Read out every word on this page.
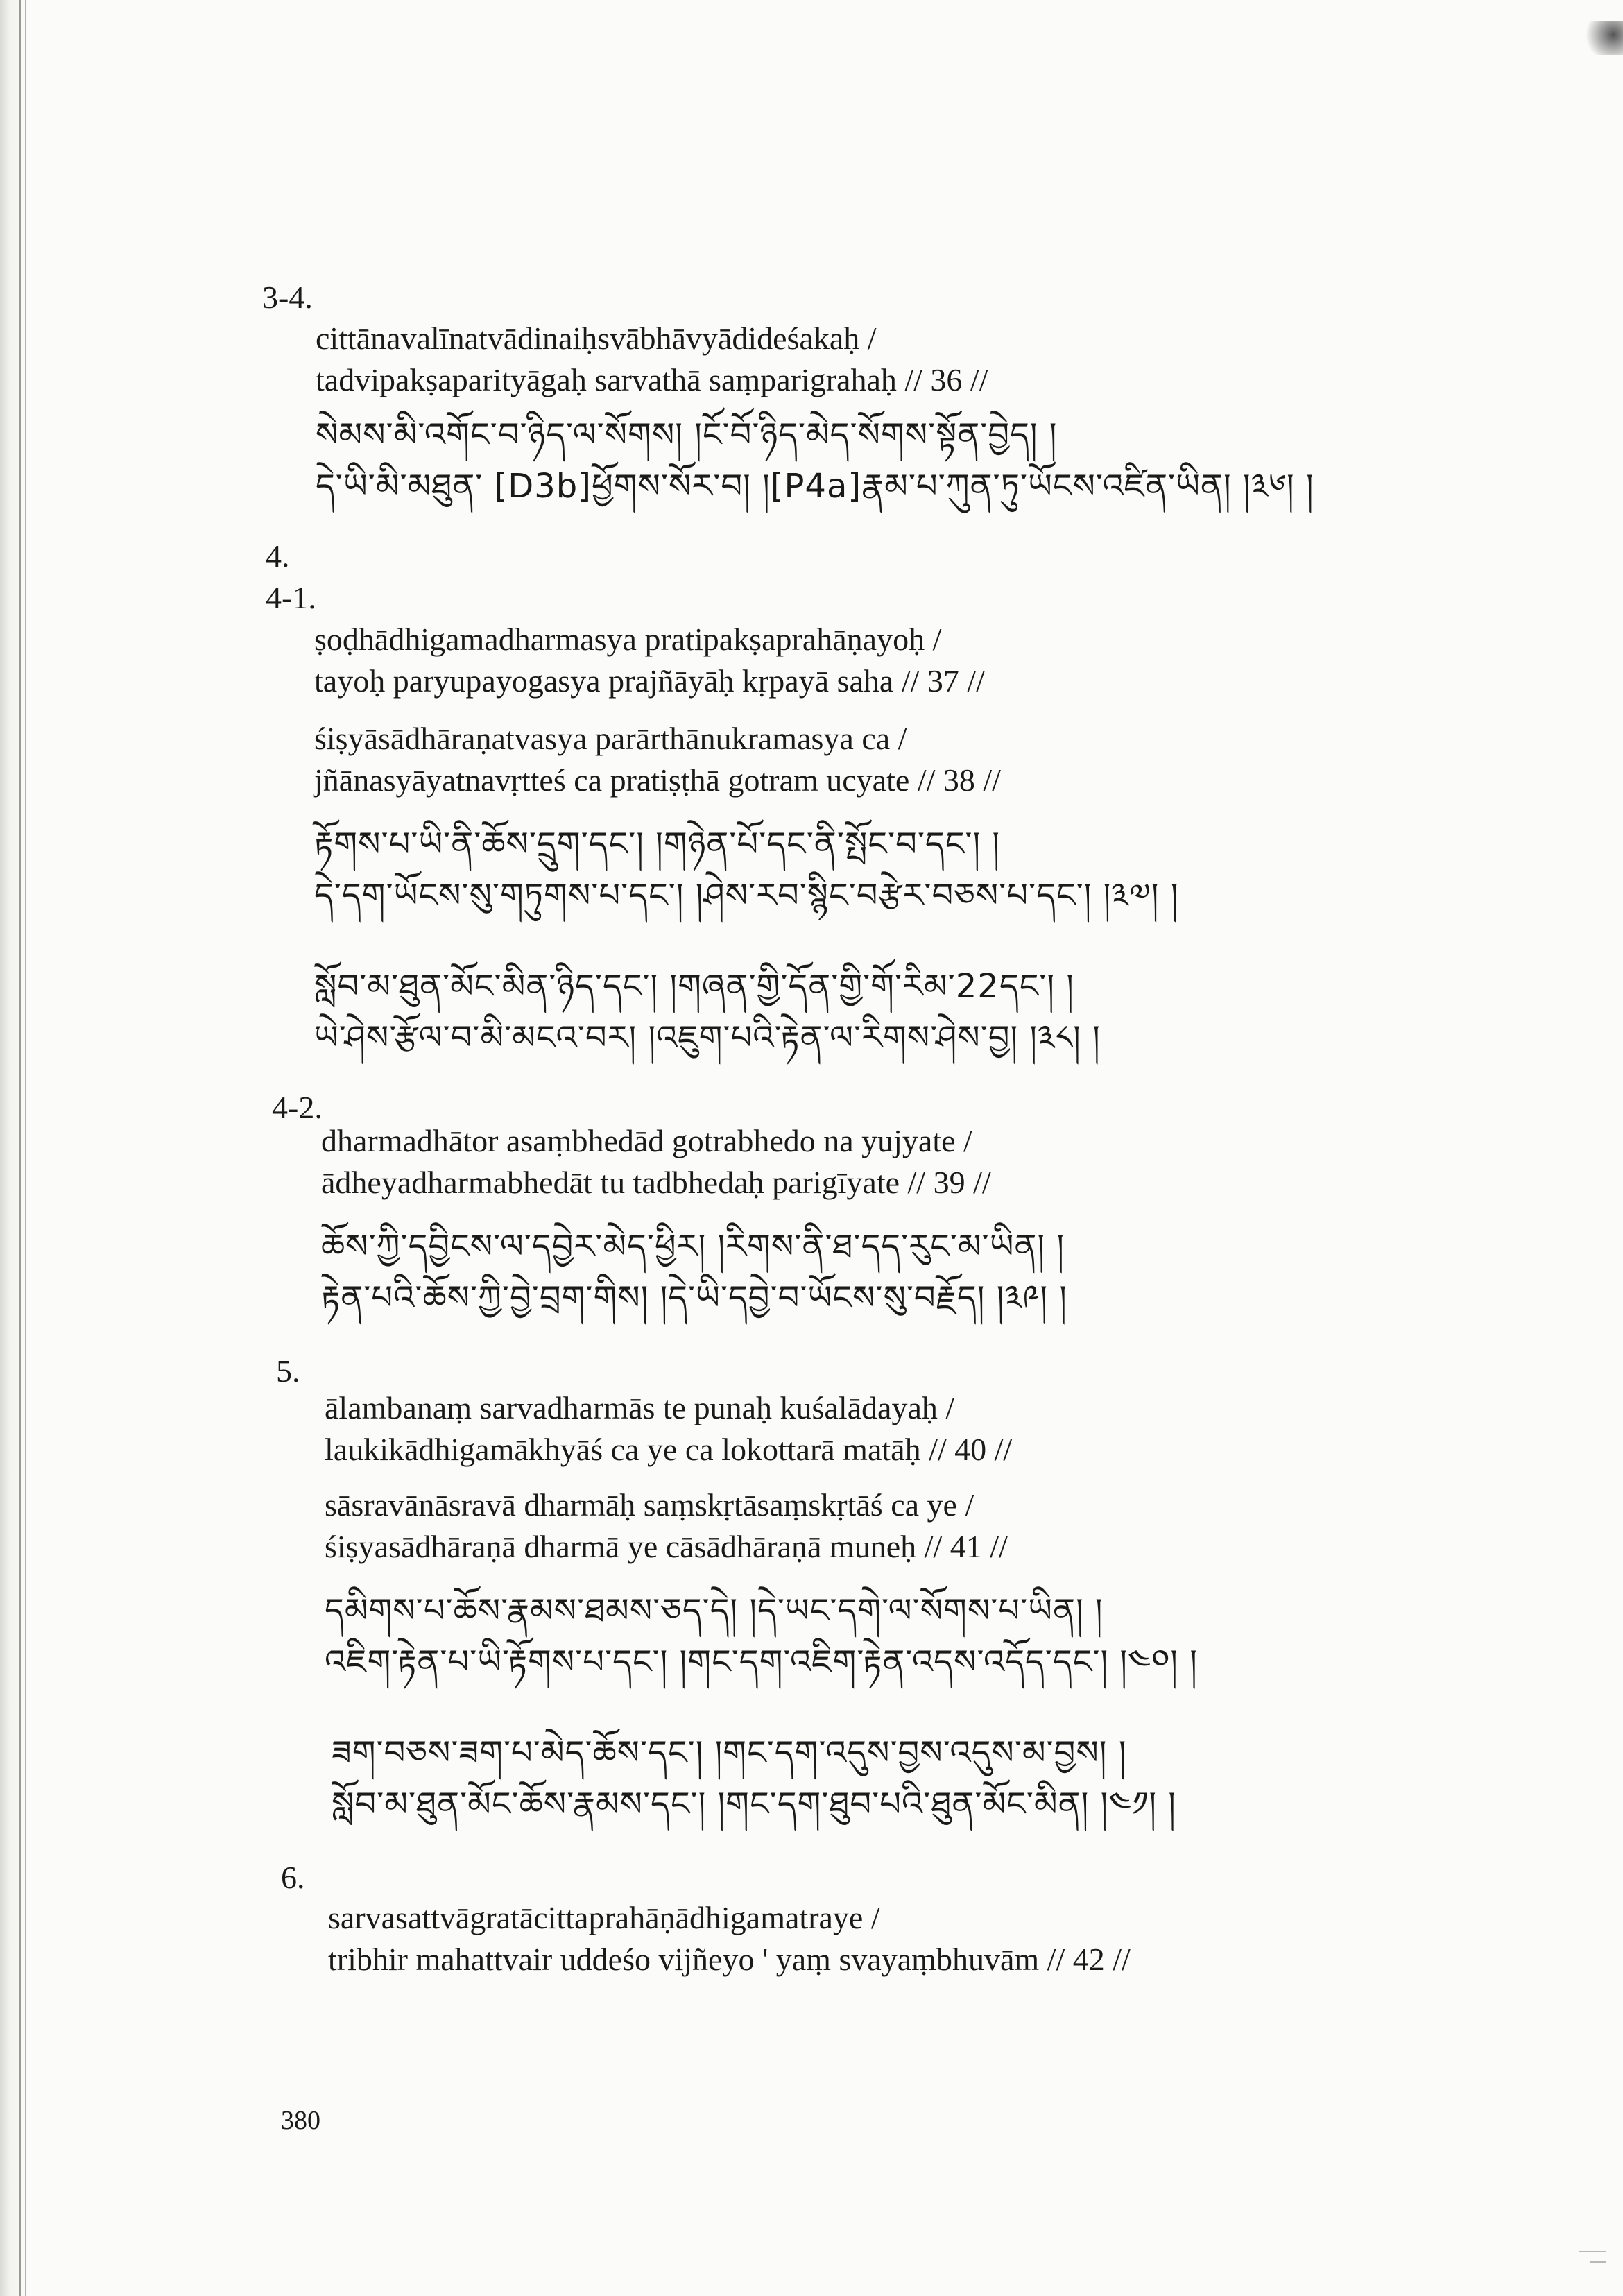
3-4.
cittānavalīnatvādinaiḥsvābhāvyādideśakaḥ /
tadvipakṣaparityāgaḥ sarvathā saṃparigrahaḥ // 36 //
སེམས་མི་འགོང་བ་ཉིད་ལ་སོགས། །ངོ་བོ་ཉིད་མེད་སོགས་སྟོན་བྱེད། །
དེ་ཡི་མི་མཐུན་ [D3b]ཕྱོགས་སོར་བ། །[P4a]རྣམ་པ་ཀུན་ཏུ་ཡོངས་འཛིན་ཡིན། །༣༦། །
4.
4-1.
ṣoḍhādhigamadharmasya pratipakṣaprahāṇayoḥ /
tayoḥ paryupayogasya prajñāyāḥ kṛpayā saha // 37 //
śiṣyāsādhāraṇatvasya parārthānukramasya ca /
jñānasyāyatnavṛtteś ca pratiṣṭhā gotram ucyate // 38 //
རྟོགས་པ་ཡི་ནི་ཆོས་དྲུག་དང་། །གཉེན་པོ་དང་ནི་སྤོང་བ་དང་། །
དེ་དག་ཡོངས་སུ་གཏུགས་པ་དང་། །ཤེས་རབ་སྙིང་བརྩེར་བཅས་པ་དང་། །༣༧། །
སློབ་མ་ཐུན་མོང་མིན་ཉིད་དང་། །གཞན་གྱི་དོན་གྱི་གོ་རིམ་22དང་། །
ཡེ་ཤེས་རྩོལ་བ་མི་མངའ་བར། །འཇུག་པའི་རྟེན་ལ་རིགས་ཤེས་བྱ། །༣༨། །
4-2.
dharmadhātor asaṃbhedād gotrabhedo na yujyate /
ādheyadharmabhedāt tu tadbhedaḥ parigīyate // 39 //
ཆོས་ཀྱི་དབྱིངས་ལ་དབྱེར་མེད་ཕྱིར། །རིགས་ནི་ཐ་དད་རུང་མ་ཡིན། །
རྟེན་པའི་ཆོས་ཀྱི་བྱེ་བྲག་གིས། །དེ་ཡི་དབྱེ་བ་ཡོངས་སུ་བརྗོད། །༣༩། །
5.
ālambanaṃ sarvadharmās te punaḥ kuśalādayaḥ /
laukikādhigamākhyāś ca ye ca lokottarā matāḥ // 40 //
sāsravānāsravā dharmāḥ saṃskṛtāsaṃskṛtāś ca ye /
śiṣyasādhāraṇā dharmā ye cāsādhāraṇā muneḥ // 41 //
དམིགས་པ་ཆོས་རྣམས་ཐམས་ཅད་དེ། །དེ་ཡང་དགེ་ལ་སོགས་པ་ཡིན། །
འཇིག་རྟེན་པ་ཡི་རྟོགས་པ་དང་། །གང་དག་འཇིག་རྟེན་འདས་འདོད་དང་། །༤༠། །
ཟག་བཅས་ཟག་པ་མེད་ཆོས་དང་། །གང་དག་འདུས་བྱས་འདུས་མ་བྱས། །
སློབ་མ་ཐུན་མོང་ཆོས་རྣམས་དང་། །གང་དག་ཐུབ་པའི་ཐུན་མོང་མིན། །༤༡། །
6.
sarvasattvāgratācittaprahāṇādhigamatraye /
tribhir mahattvair uddeśo vijñeyo ' yaṃ svayaṃbhuvām // 42 //
380
